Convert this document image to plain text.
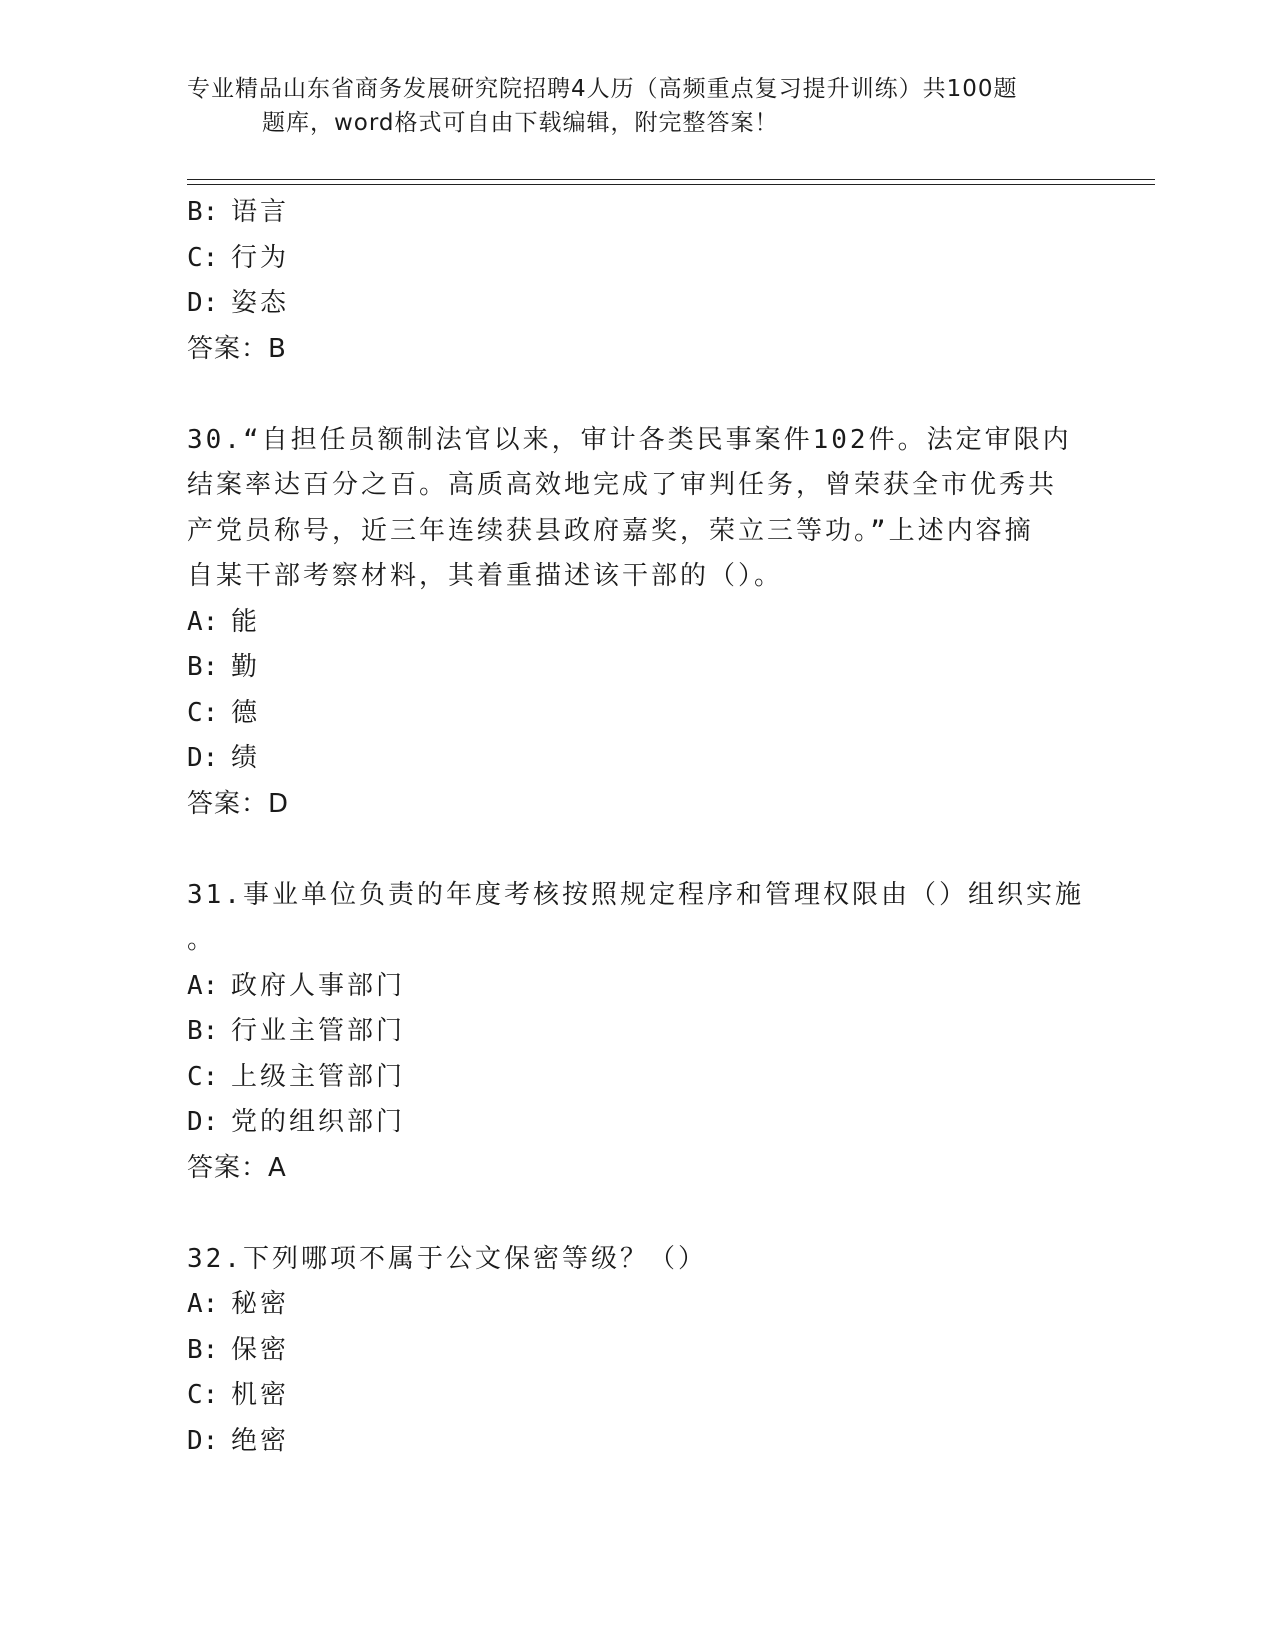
专业精品山东省商务发展研究院招聘4人历（高频重点复习提升训练）共100题
题库，word格式可自由下载编辑，附完整答案！
B: 语言
C: 行为
D: 姿态
答案：B
30.“自担任员额制法官以来，审计各类民事案件102件。法定审限内
结案率达百分之百。高质高效地完成了审判任务，曾荣获全市优秀共
产党员称号，近三年连续获县政府嘉奖，荣立三等功。”上述内容摘
自某干部考察材料，其着重描述该干部的（）。
A: 能
B: 勤
C: 德
D: 绩
答案：D
31.事业单位负责的年度考核按照规定程序和管理权限由（）组织实施
。
A: 政府人事部门
B: 行业主管部门
C: 上级主管部门
D: 党的组织部门
答案：A
32.下列哪项不属于公文保密等级？（）
A: 秘密
B: 保密
C: 机密
D: 绝密
